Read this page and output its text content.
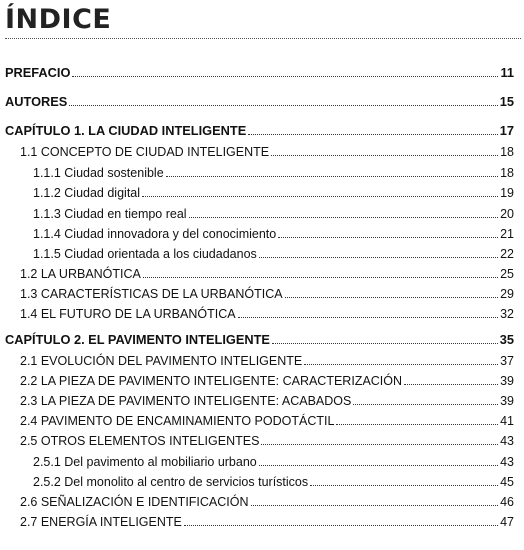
ÍNDICE
PREFACIO	11
AUTORES	15
CAPÍTULO 1. LA CIUDAD INTELIGENTE	17
1.1 CONCEPTO DE CIUDAD INTELIGENTE	18
1.1.1 Ciudad sostenible	18
1.1.2 Ciudad digital	19
1.1.3 Ciudad en tiempo real	20
1.1.4 Ciudad innovadora y del conocimiento	21
1.1.5 Ciudad orientada a los ciudadanos	22
1.2 LA URBANÓTICA	25
1.3 CARACTERÍSTICAS DE LA URBANÓTICA	29
1.4 EL FUTURO DE LA URBANÓTICA	32
CAPÍTULO 2. EL PAVIMENTO INTELIGENTE	35
2.1 EVOLUCIÓN DEL PAVIMENTO INTELIGENTE	37
2.2 LA PIEZA DE PAVIMENTO INTELIGENTE: CARACTERIZACIÓN	39
2.3 LA PIEZA DE PAVIMENTO INTELIGENTE: ACABADOS	39
2.4 PAVIMENTO DE ENCAMINAMIENTO PODOTÁCTIL	41
2.5 OTROS ELEMENTOS INTELIGENTES	43
2.5.1 Del pavimento al mobiliario urbano	43
2.5.2 Del monolito al centro de servicios turísticos	45
2.6 SEÑALIZACIÓN E IDENTIFICACIÓN	46
2.7 ENERGÍA INTELIGENTE	47
